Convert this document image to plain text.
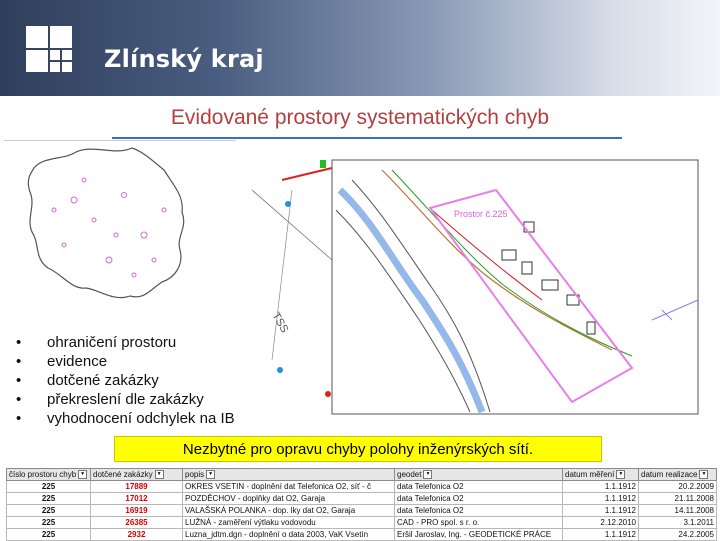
Zlínský kraj
Evidované prostory systematických chyb
• ohraničení prostoru
• evidence
• dotčené zakázky
• překreslení dle zakázky
• vyhodnocení odchylek na IB
TSS
Prostor č.225
Nezbytné pro opravu chyby polohy inženýrských sítí.
číslo prostoru chyb ▼	dotčené zakázky ▼	popis ▼	geodet ▼	datum měření ▼	datum realizace ▼
225	17889	OKRES VSETIN - doplnění dat Telefonica O2, síť - č	data Telefonica O2	1.1.1912	20.2.2009
225	17012	POZDĚCHOV - doplňky dat O2, Garaja	data Telefonica O2	1.1.1912	21.11.2008
225	16919	VALAŠSKÁ POLANKA - dop. lky dat O2, Garaja	data Telefonica O2	1.1.1912	14.11.2008
225	26385	LUŽNÁ - zaměření výtlaku vodovodu	CAD - PRO spol. s r. o.	2.12.2010	3.1.2011
225	2932	Luzna_jdtm.dgn - doplnění o data 2003, VaK Vsetín	Eršil Jaroslav, Ing. - GEODETICKÉ PRÁCE	1.1.1912	24.2.2005
